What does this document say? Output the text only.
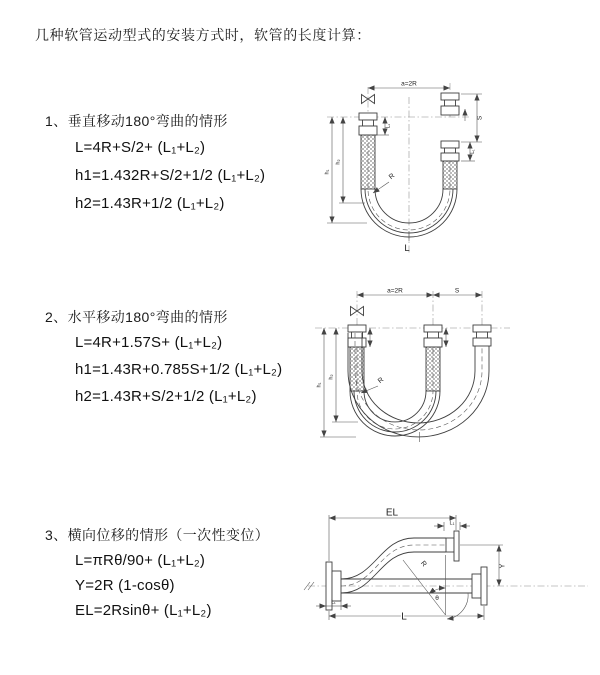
几种软管运动型式的安装方式时，软管的长度计算：
1、垂直移动180°弯曲的情形
L=4R+S/2+ (L₁+L₂)
h1=1.432R+S/2+1/2 (L₁+L₂)
h2=1.43R+1/2 (L₁+L₂)
2、水平移动180°弯曲的情形
L=4R+1.57S+ (L₁+L₂)
h1=1.43R+0.785S+1/2 (L₁+L₂)
h2=1.43R+S/2+1/2 (L₁+L₂)
3、横向位移的情形（一次性变位）
L=πRθ/90+ (L₁+L₂)
Y=2R (1-cosθ)
EL=2Rsinθ+ (L₁+L₂)
a=2R
h₁
h₂
L₁
S
L₁
R
L
a=2R	S
h₁
h₂	R
EL
L₁
Y
R
θ
L
L₁
